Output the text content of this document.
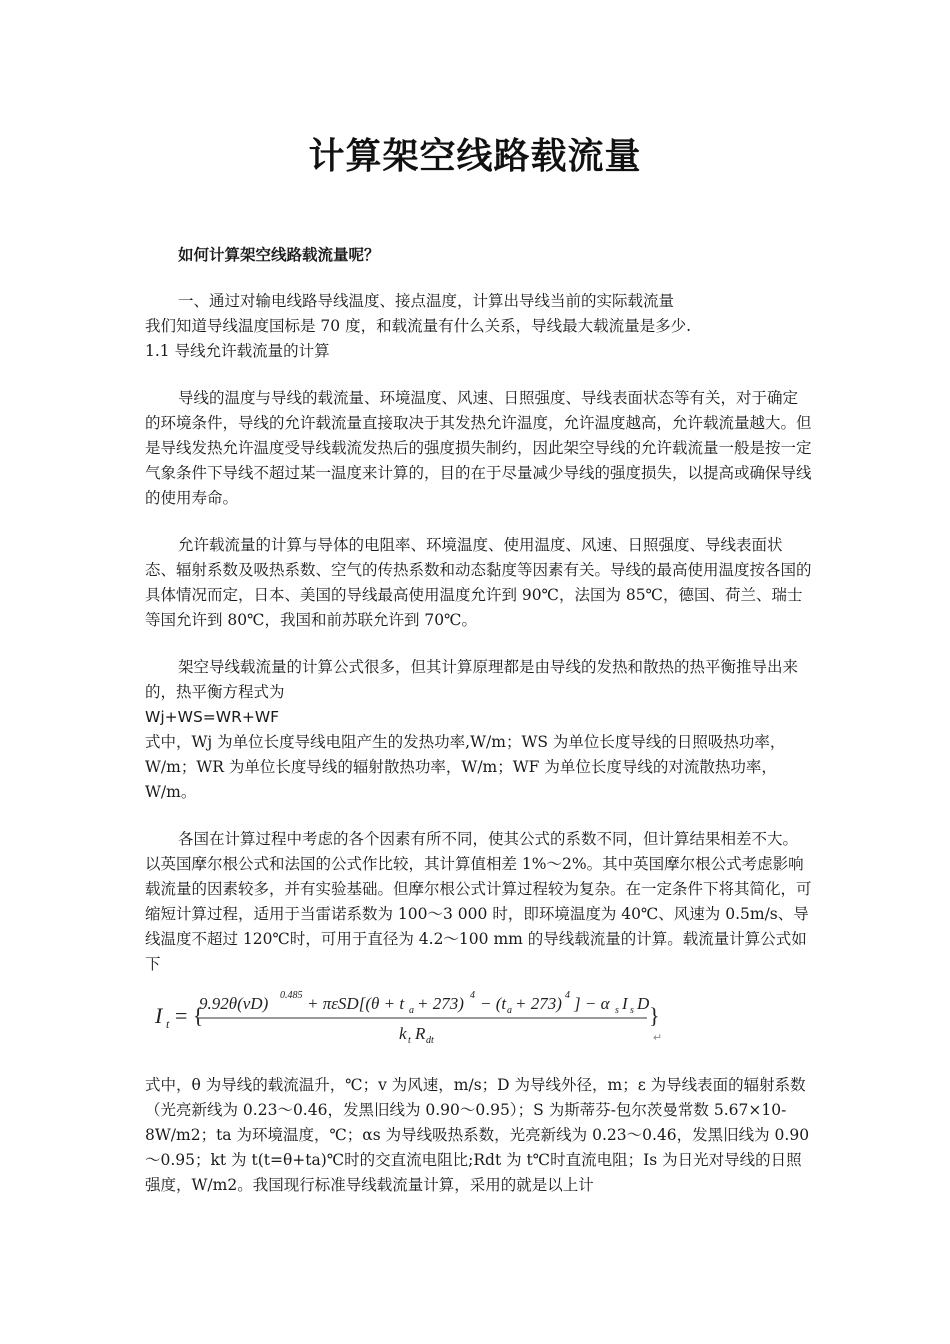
计算架空线路载流量

如何计算架空线路载流量呢？

一、通过对输电线路导线温度、接点温度，计算出导线当前的实际载流量

我们知道导线温度国标是 70 度，和载流量有什么关系，导线最大载流量是多少.

1.1 导线允许载流量的计算

导线的温度与导线的载流量、环境温度、风速、日照强度、导线表面状态等有关，对于确定的环境条件，导线的允许载流量直接取决于其发热允许温度，允许温度越高，允许载流量越大。但是导线发热允许温度受导线载流发热后的强度损失制约，因此架空导线的允许载流量一般是按一定气象条件下导线不超过某一温度来计算的，目的在于尽量减少导线的强度损失，以提高或确保导线的使用寿命。

允许载流量的计算与导体的电阻率、环境温度、使用温度、风速、日照强度、导线表面状态、辐射系数及吸热系数、空气的传热系数和动态黏度等因素有关。导线的最高使用温度按各国的具体情况而定，日本、美国的导线最高使用温度允许到 90℃，法国为 85℃，德国、荷兰、瑞士等国允许到 80℃，我国和前苏联允许到 70℃。

架空导线载流量的计算公式很多，但其计算原理都是由导线的发热和散热的热平衡推导出来的，热平衡方程式为

Wj+WS=WR+WF

式中，Wj 为单位长度导线电阻产生的发热功率,W/m；WS 为单位长度导线的日照吸热功率，W/m；WR 为单位长度导线的辐射散热功率，W/m；WF 为单位长度导线的对流散热功率，W/m。

各国在计算过程中考虑的各个因素有所不同，使其公式的系数不同，但计算结果相差不大。以英国摩尔根公式和法国的公式作比较，其计算值相差 1%～2%。其中英国摩尔根公式考虑影响载流量的因素较多，并有实验基础。但摩尔根公式计算过程较为复杂。在一定条件下将其简化，可缩短计算过程，适用于当雷诺系数为 100～3 000 时，即环境温度为 40℃、风速为 0.5m/s、导线温度不超过 120℃时，可用于直径为 4.2～100 mm 的导线载流量的计算。载流量计算公式如下

I t = {
9.92θ(vD) 0.485 + πεSD[(θ + t a + 273) 4 − (t a + 273) 4 ] − α s I s D
k t R dt
}
↵

式中，θ 为导线的载流温升，℃；v 为风速，m/s；D 为导线外径，m；ε 为导线表面的辐射系数（光亮新线为 0.23～0.46，发黑旧线为 0.90～0.95）；S 为斯蒂芬-包尔茨曼常数 5.67×10-8W/m2；ta 为环境温度，℃；αs 为导线吸热系数，光亮新线为 0.23～0.46，发黑旧线为 0.90～0.95；kt 为 t(t=θ+ta)℃时的交直流电阻比;Rdt 为 t℃时直流电阻；Is 为日光对导线的日照强度，W/m2。我国现行标准导线载流量计算，采用的就是以上计
